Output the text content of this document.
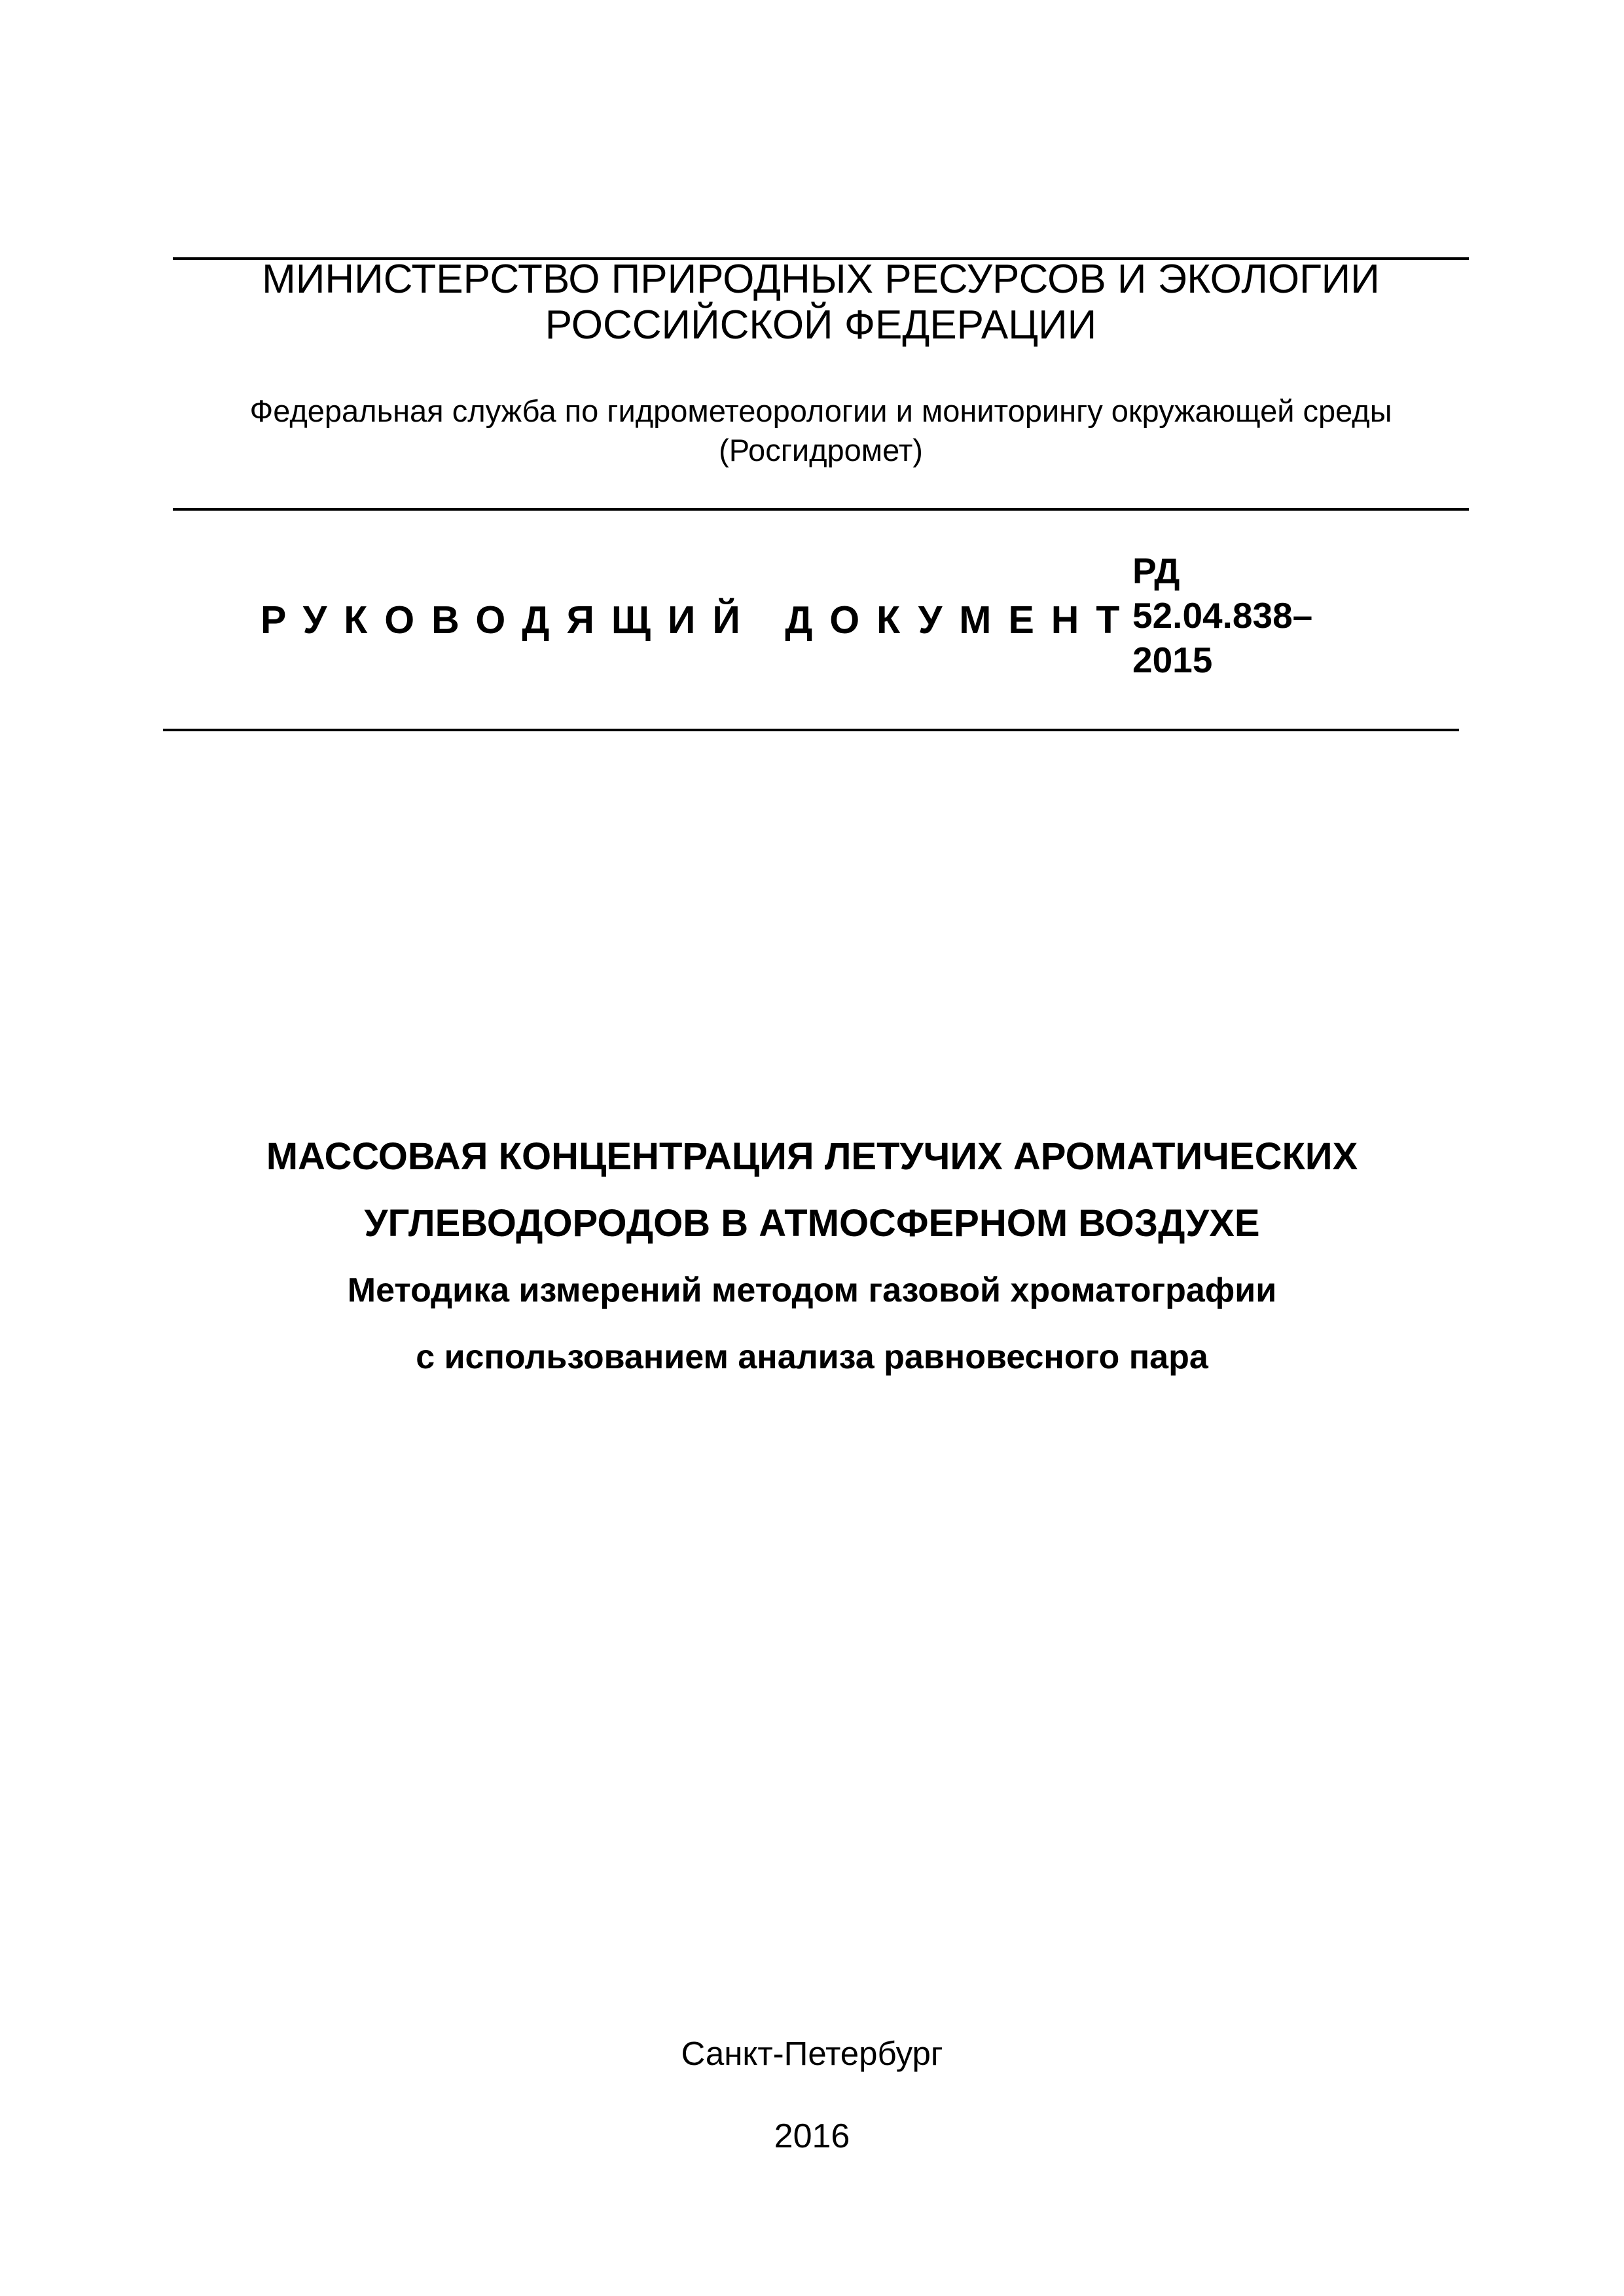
МИНИСТЕРСТВО ПРИРОДНЫХ РЕСУРСОВ И ЭКОЛОГИИ
РОССИЙСКОЙ ФЕДЕРАЦИИ
Федеральная служба по гидрометеорологии и мониторингу окружающей среды
(Росгидромет)
РУКОВОДЯЩИЙ ДОКУМЕНТ
РД
52.04.838–
2015
МАССОВАЯ КОНЦЕНТРАЦИЯ ЛЕТУЧИХ АРОМАТИЧЕСКИХ
УГЛЕВОДОРОДОВ В АТМОСФЕРНОМ ВОЗДУХЕ
Методика измерений методом газовой хроматографии
с использованием анализа равновесного пара
Санкт-Петербург
2016
